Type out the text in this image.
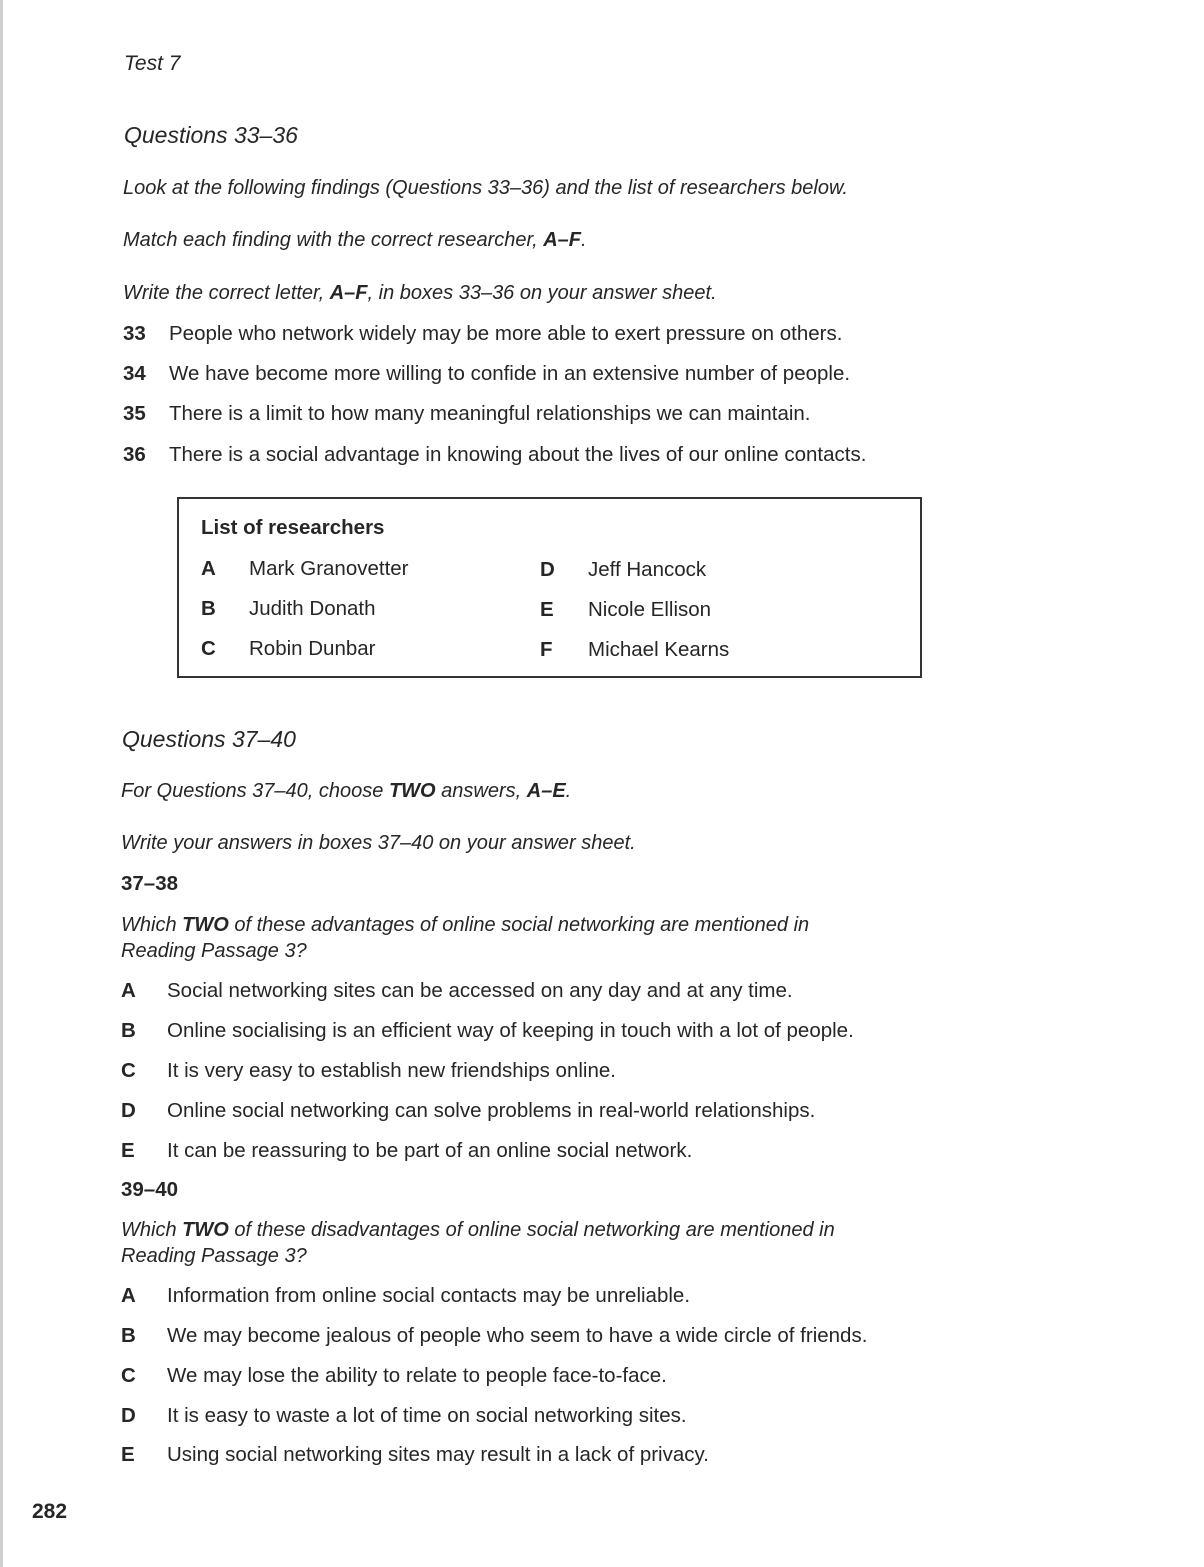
Test 7
Questions 33–36
Look at the following findings (Questions 33–36) and the list of researchers below.
Match each finding with the correct researcher, A–F.
Write the correct letter, A–F, in boxes 33–36 on your answer sheet.
33 People who network widely may be more able to exert pressure on others.
34 We have become more willing to confide in an extensive number of people.
35 There is a limit to how many meaningful relationships we can maintain.
36 There is a social advantage in knowing about the lives of our online contacts.
List of researchers
A Mark Granovetter
B Judith Donath
C Robin Dunbar
D Jeff Hancock
E Nicole Ellison
F Michael Kearns
Questions 37–40
For Questions 37–40, choose TWO answers, A–E.
Write your answers in boxes 37–40 on your answer sheet.
37–38
Which TWO of these advantages of online social networking are mentioned in
Reading Passage 3?
A Social networking sites can be accessed on any day and at any time.
B Online socialising is an efficient way of keeping in touch with a lot of people.
C It is very easy to establish new friendships online.
D Online social networking can solve problems in real-world relationships.
E It can be reassuring to be part of an online social network.
39–40
Which TWO of these disadvantages of online social networking are mentioned in
Reading Passage 3?
A Information from online social contacts may be unreliable.
B We may become jealous of people who seem to have a wide circle of friends.
C We may lose the ability to relate to people face-to-face.
D It is easy to waste a lot of time on social networking sites.
E Using social networking sites may result in a lack of privacy.
282
